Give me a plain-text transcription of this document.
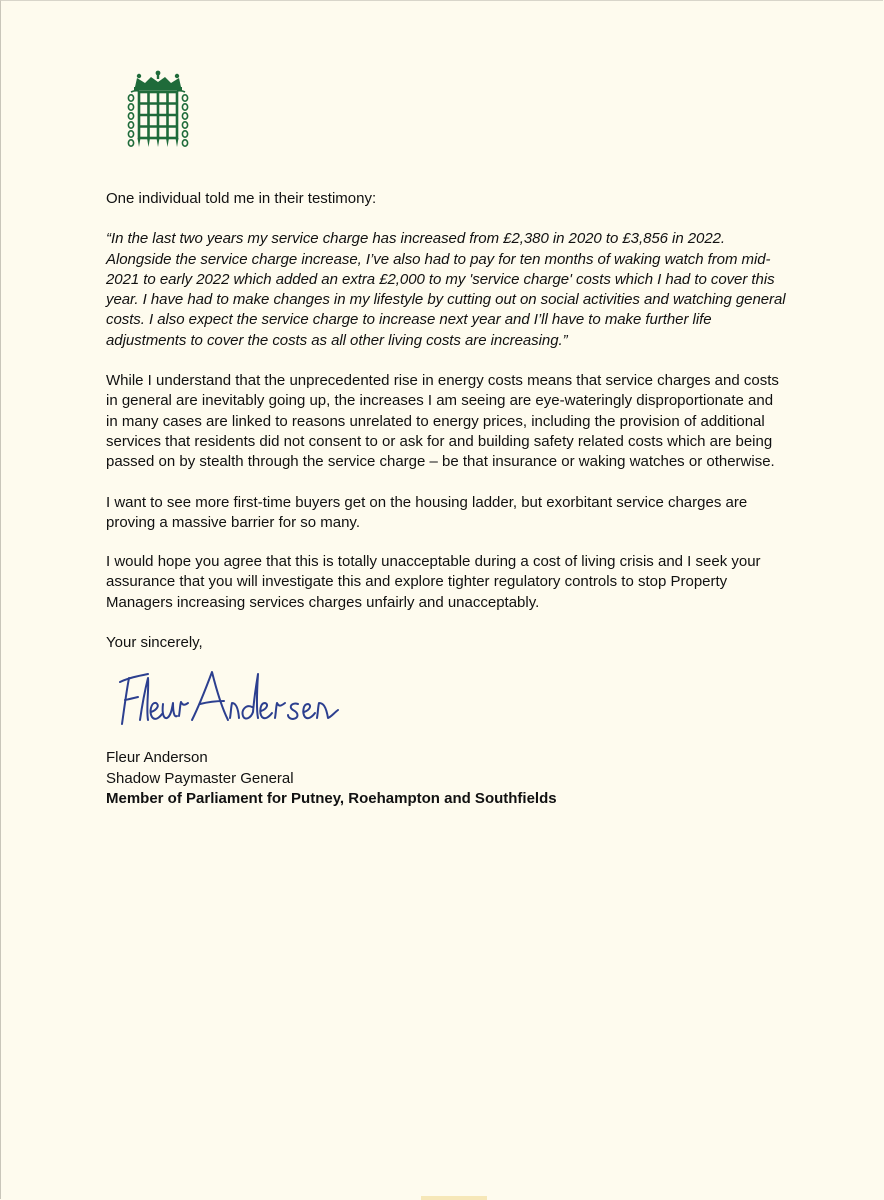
One individual told me in their testimony:

“In the last two years my service charge has increased from £2,380 in 2020 to £3,856 in 2022. Alongside the service charge increase, I’ve also had to pay for ten months of waking watch from mid-2021 to early 2022 which added an extra £2,000 to my 'service charge' costs which I had to cover this year. I have had to make changes in my lifestyle by cutting out on social activities and watching general costs. I also expect the service charge to increase next year and I’ll have to make further life adjustments to cover the costs as all other living costs are increasing.”

While I understand that the unprecedented rise in energy costs means that service charges and costs in general are inevitably going up, the increases I am seeing are eye-wateringly disproportionate and in many cases are linked to reasons unrelated to energy prices, including the provision of additional services that residents did not consent to or ask for and building safety related costs which are being passed on by stealth through the service charge – be that insurance or waking watches or otherwise.

I want to see more first-time buyers get on the housing ladder, but exorbitant service charges are proving a massive barrier for so many.

I would hope you agree that this is totally unacceptable during a cost of living crisis and I seek your assurance that you will investigate this and explore tighter regulatory controls to stop Property Managers increasing services charges unfairly and unacceptably.

Your sincerely,

Fleur Anderson
Shadow Paymaster General
Member of Parliament for Putney, Roehampton and Southfields
